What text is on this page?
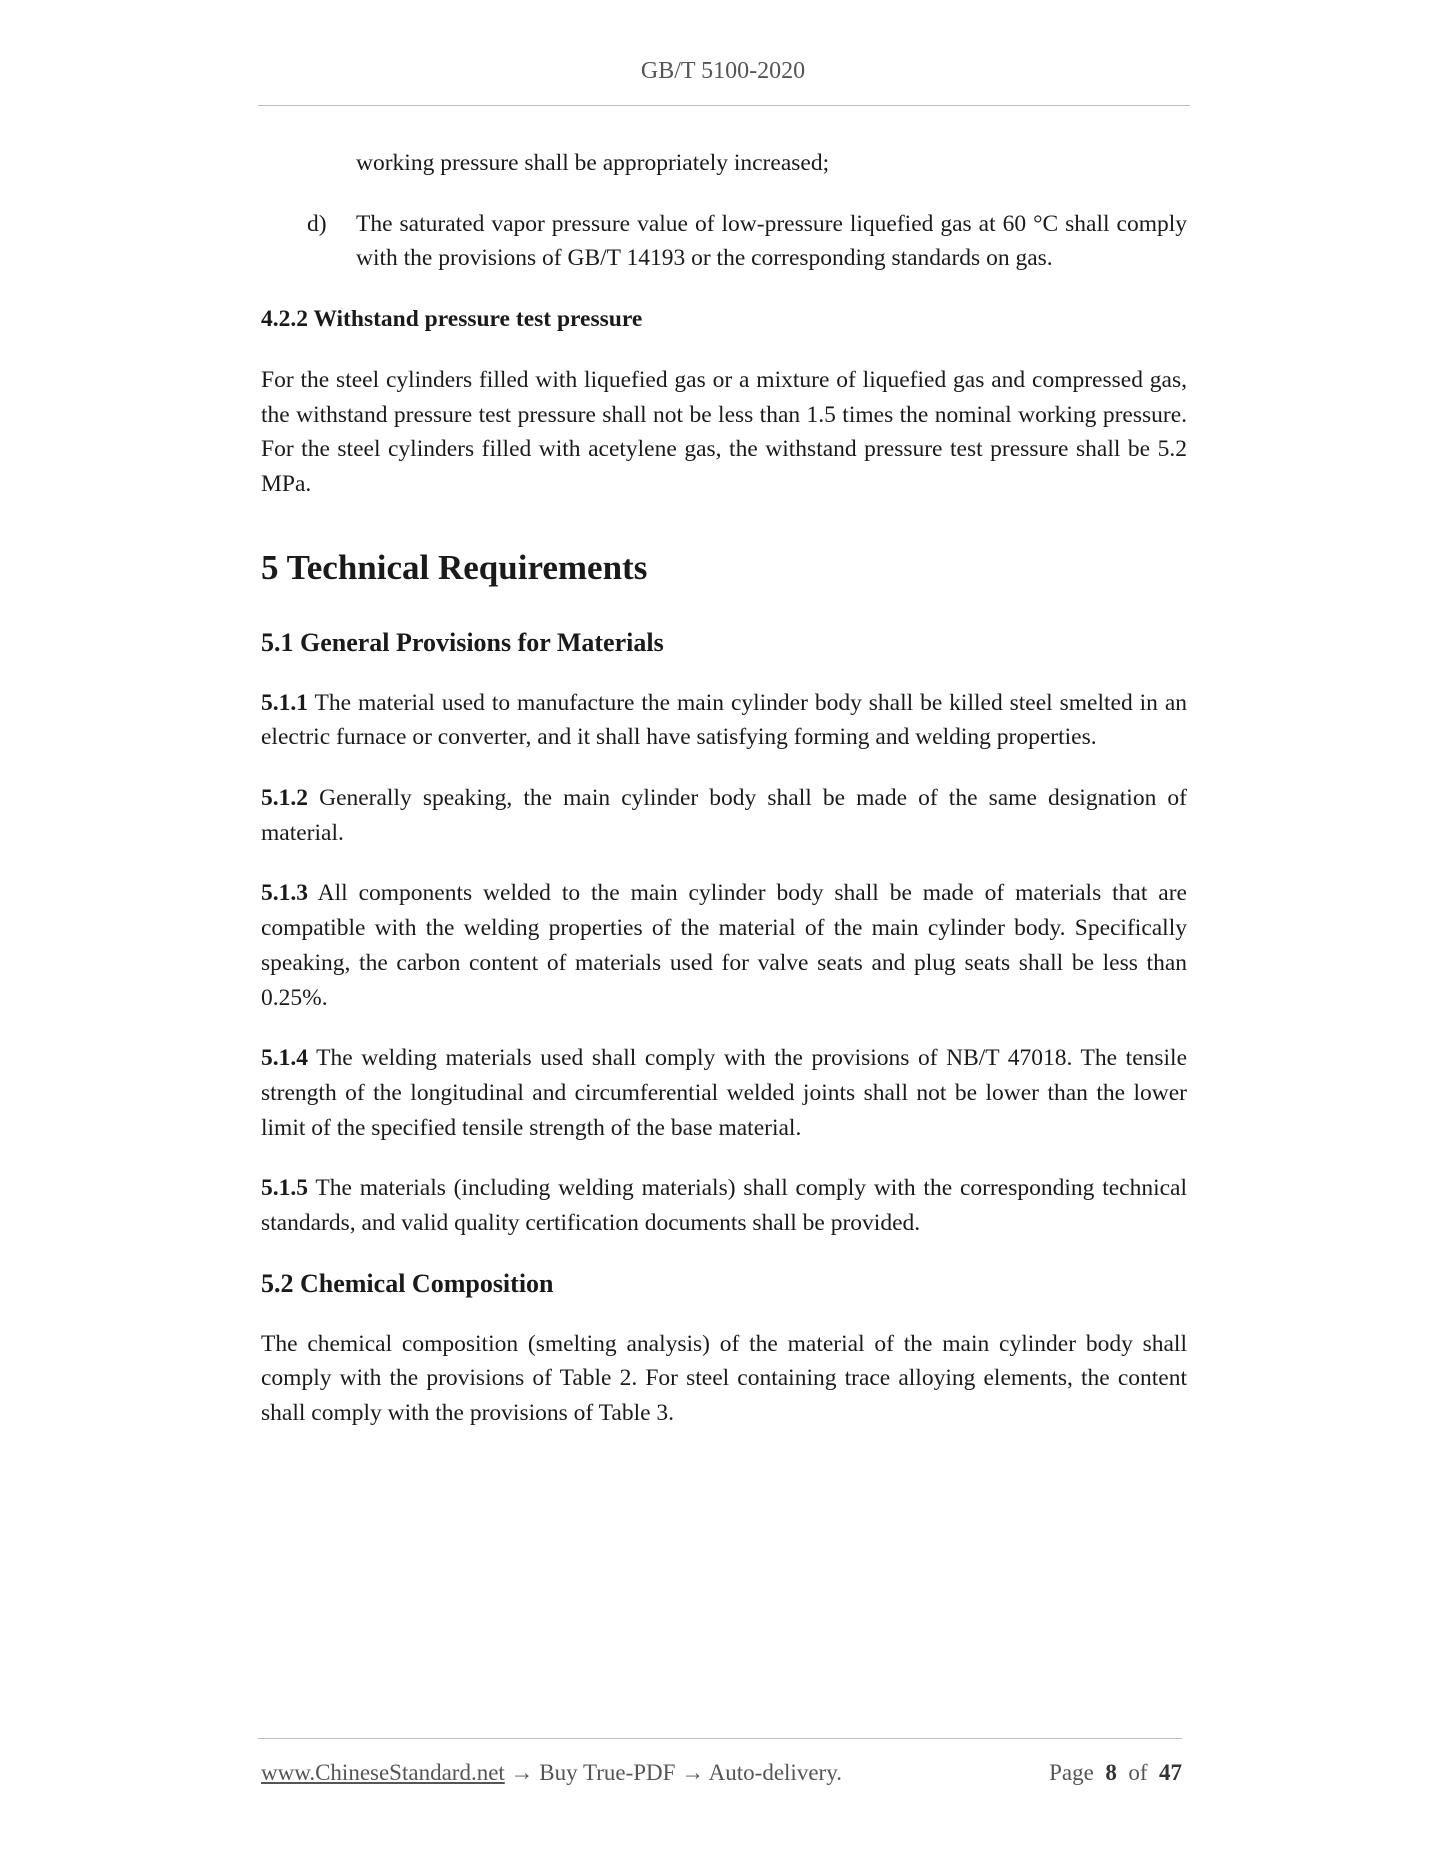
GB/T 5100-2020
working pressure shall be appropriately increased;
d)	The saturated vapor pressure value of low-pressure liquefied gas at 60 °C shall comply with the provisions of GB/T 14193 or the corresponding standards on gas.
4.2.2 Withstand pressure test pressure

For the steel cylinders filled with liquefied gas or a mixture of liquefied gas and compressed gas, the withstand pressure test pressure shall not be less than 1.5 times the nominal working pressure. For the steel cylinders filled with acetylene gas, the withstand pressure test pressure shall be 5.2 MPa.

5 Technical Requirements
5.1 General Provisions for Materials

5.1.1 The material used to manufacture the main cylinder body shall be killed steel smelted in an electric furnace or converter, and it shall have satisfying forming and welding properties.

5.1.2 Generally speaking, the main cylinder body shall be made of the same designation of material.

5.1.3 All components welded to the main cylinder body shall be made of materials that are compatible with the welding properties of the material of the main cylinder body. Specifically speaking, the carbon content of materials used for valve seats and plug seats shall be less than 0.25%.

5.1.4 The welding materials used shall comply with the provisions of NB/T 47018. The tensile strength of the longitudinal and circumferential welded joints shall not be lower than the lower limit of the specified tensile strength of the base material.

5.1.5 The materials (including welding materials) shall comply with the corresponding technical standards, and valid quality certification documents shall be provided.

5.2 Chemical Composition

The chemical composition (smelting analysis) of the material of the main cylinder body shall comply with the provisions of Table 2. For steel containing trace alloying elements, the content shall comply with the provisions of Table 3.

www.ChineseStandard.net → Buy True-PDF → Auto-delivery.	Page 8 of 47
